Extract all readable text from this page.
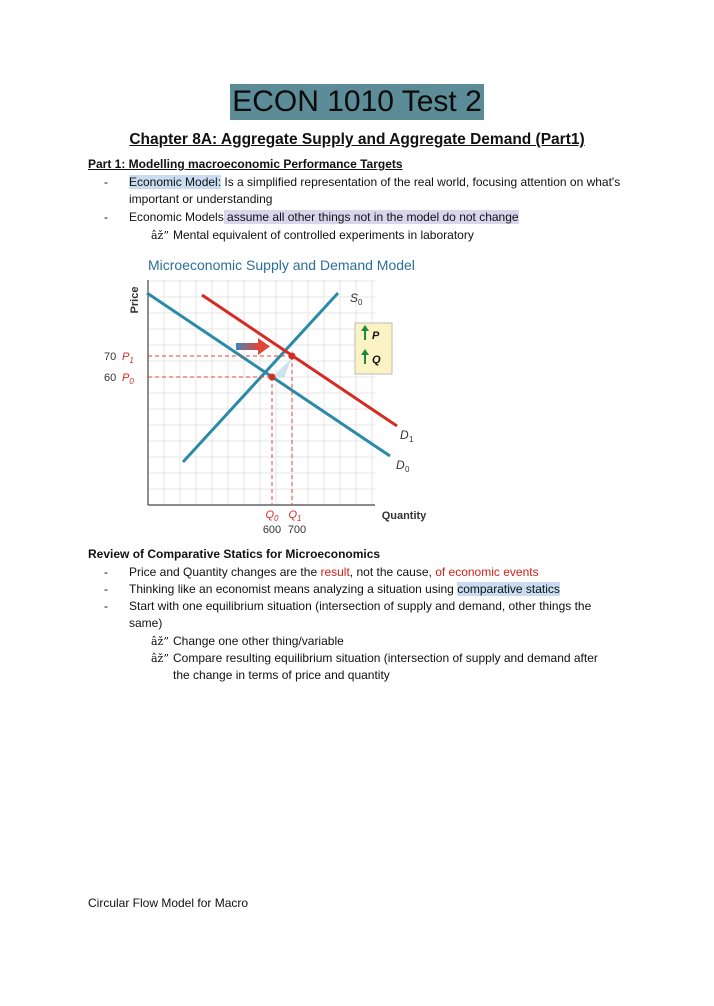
ECON 1010 Test 2
Chapter 8A: Aggregate Supply and Aggregate Demand (Part1)
Part 1: Modelling macroeconomic Performance Targets
- Economic Model: Is a simplified representation of the real world, focusing attention on what's important or understanding
- Economic Models assume all other things not in the model do not change
âž” Mental equivalent of controlled experiments in laboratory
Microeconomic Supply and Demand Model
Price
Quantity
S 0
D 1
D 0
70 $P_1$
60 $P_0$
$Q_0$
600
$Q_1$
700
P
Q
Review of Comparative Statics for Microeconomics
- Price and Quantity changes are the result, not the cause, of economic events
- Thinking like an economist means analyzing a situation using comparative statics
- Start with one equilibrium situation (intersection of supply and demand, other things the same)
âž” Change one other thing/variable
âž” Compare resulting equilibrium situation (intersection of supply and demand after the change in terms of price and quantity
Circular Flow Model for Macro
